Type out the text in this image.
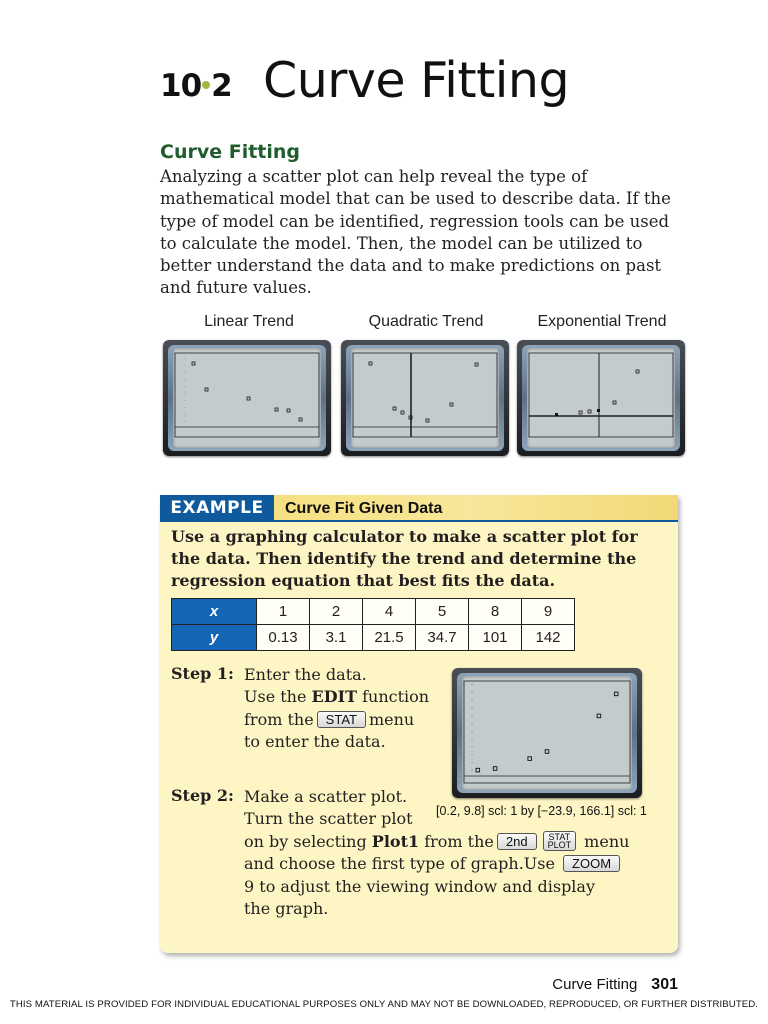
10 2 Curve Fitting
Curve Fitting
Analyzing a scatter plot can help reveal the type of mathematical model that can be used to describe data. If the type of model can be identified, regression tools can be used to calculate the model. Then, the model can be utilized to better understand the data and to make predictions on past and future values.
Linear Trend	Quadratic Trend	Exponential Trend
EXAMPLE	Curve Fit Given Data
Use a graphing calculator to make a scatter plot for the data. Then identify the trend and determine the regression equation that best fits the data.
x	1	2	4	5	8	9
y	0.13	3.1	21.5	34.7	101	142
Step 1: Enter the data.
Use the EDIT function
from the STAT menu
to enter the data.
[0.2, 9.8] scl: 1 by [−23.9, 166.1] scl: 1
Step 2: Make a scatter plot.
Turn the scatter plot
on by selecting Plot1 from the 2nd STAT
PLOT menu
and choose the first type of graph.Use ZOOM
9 to adjust the viewing window and display
the graph.
Curve Fitting 301
THIS MATERIAL IS PROVIDED FOR INDIVIDUAL EDUCATIONAL PURPOSES ONLY AND MAY NOT BE DOWNLOADED, REPRODUCED, OR FURTHER DISTRIBUTED.
